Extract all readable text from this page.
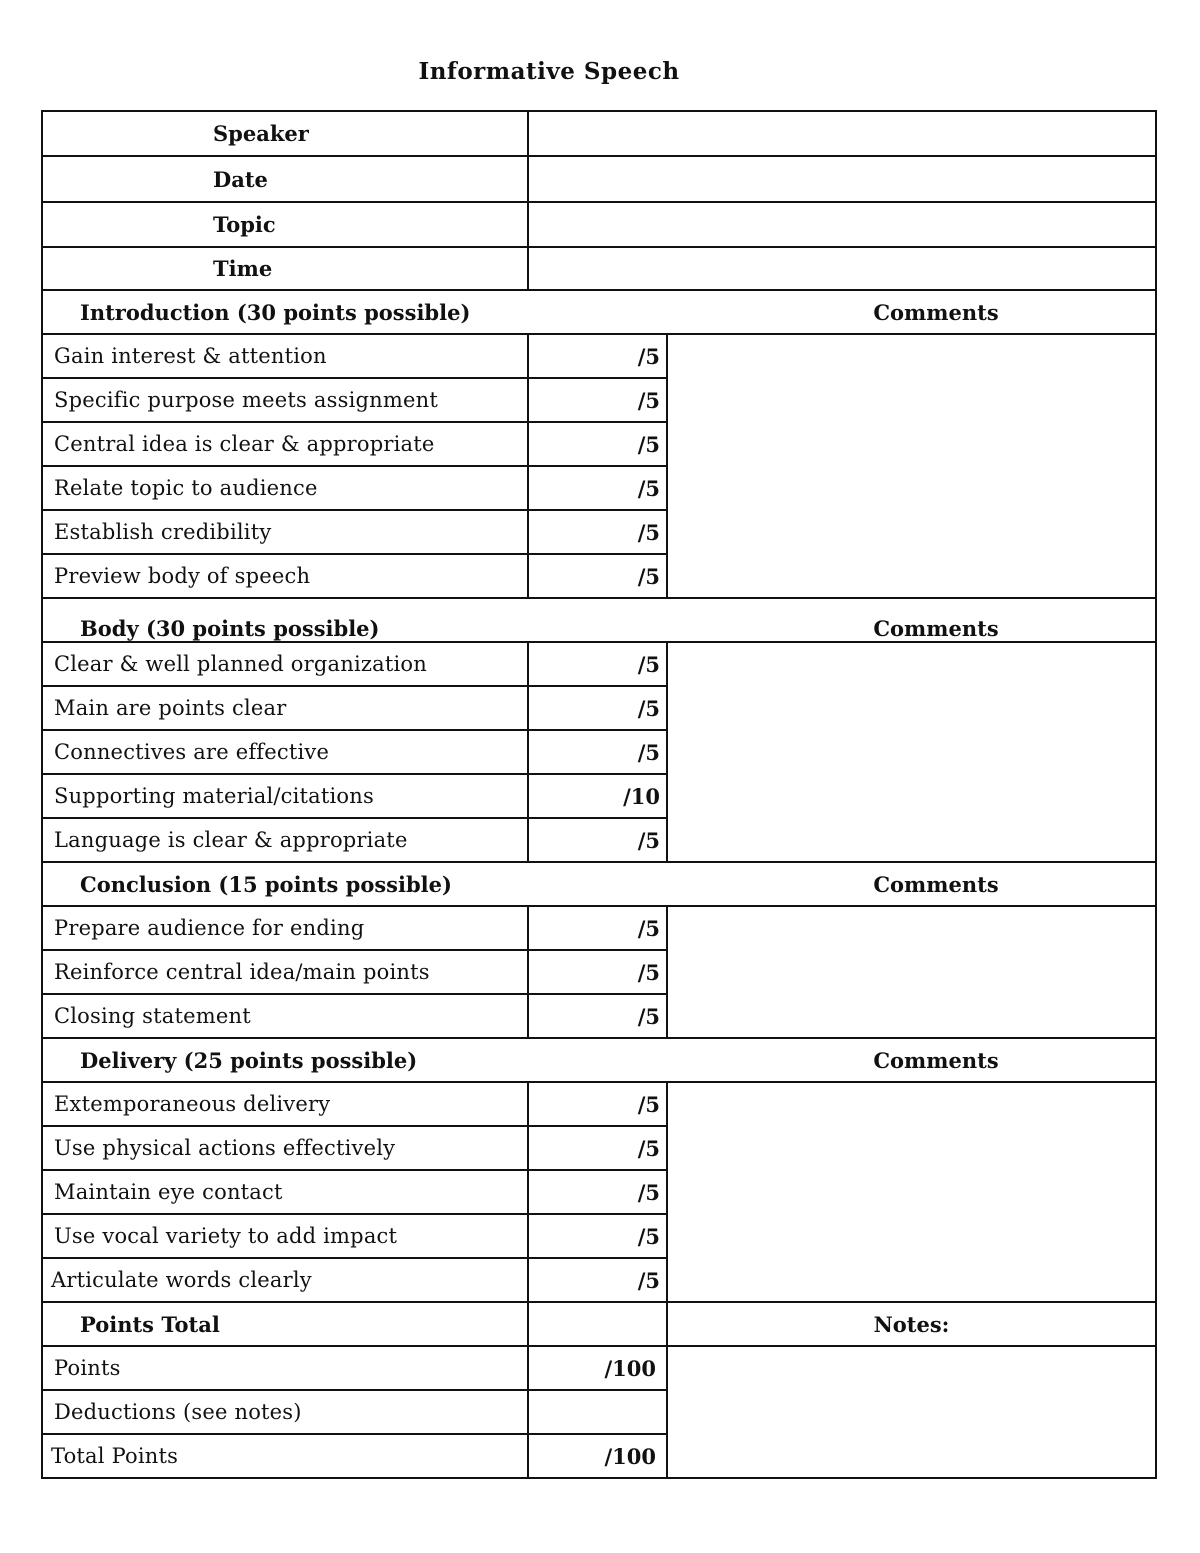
Informative Speech
Speaker		
Date		
Topic		
Time		
Introduction (30 points possible)		Comments
Gain interest & attention	/5	
Specific purpose meets assignment	/5	
Central idea is clear & appropriate	/5	
Relate topic to audience	/5	
Establish credibility	/5	
Preview body of speech	/5	
Body (30 points possible)		Comments
Clear & well planned organization	/5	
Main are points clear	/5	
Connectives are effective	/5	
Supporting material/citations	/10	
Language is clear & appropriate	/5	
Conclusion (15 points possible)		Comments
Prepare audience for ending	/5	
Reinforce central idea/main points	/5	
Closing statement	/5	
Delivery (25 points possible)		Comments
Extemporaneous delivery	/5	
Use physical actions effectively	/5	
Maintain eye contact	/5	
Use vocal variety to add impact	/5	
Articulate words clearly	/5	
Points Total		Notes:
Points	/100	
Deductions (see notes)		
Total Points	/100	
